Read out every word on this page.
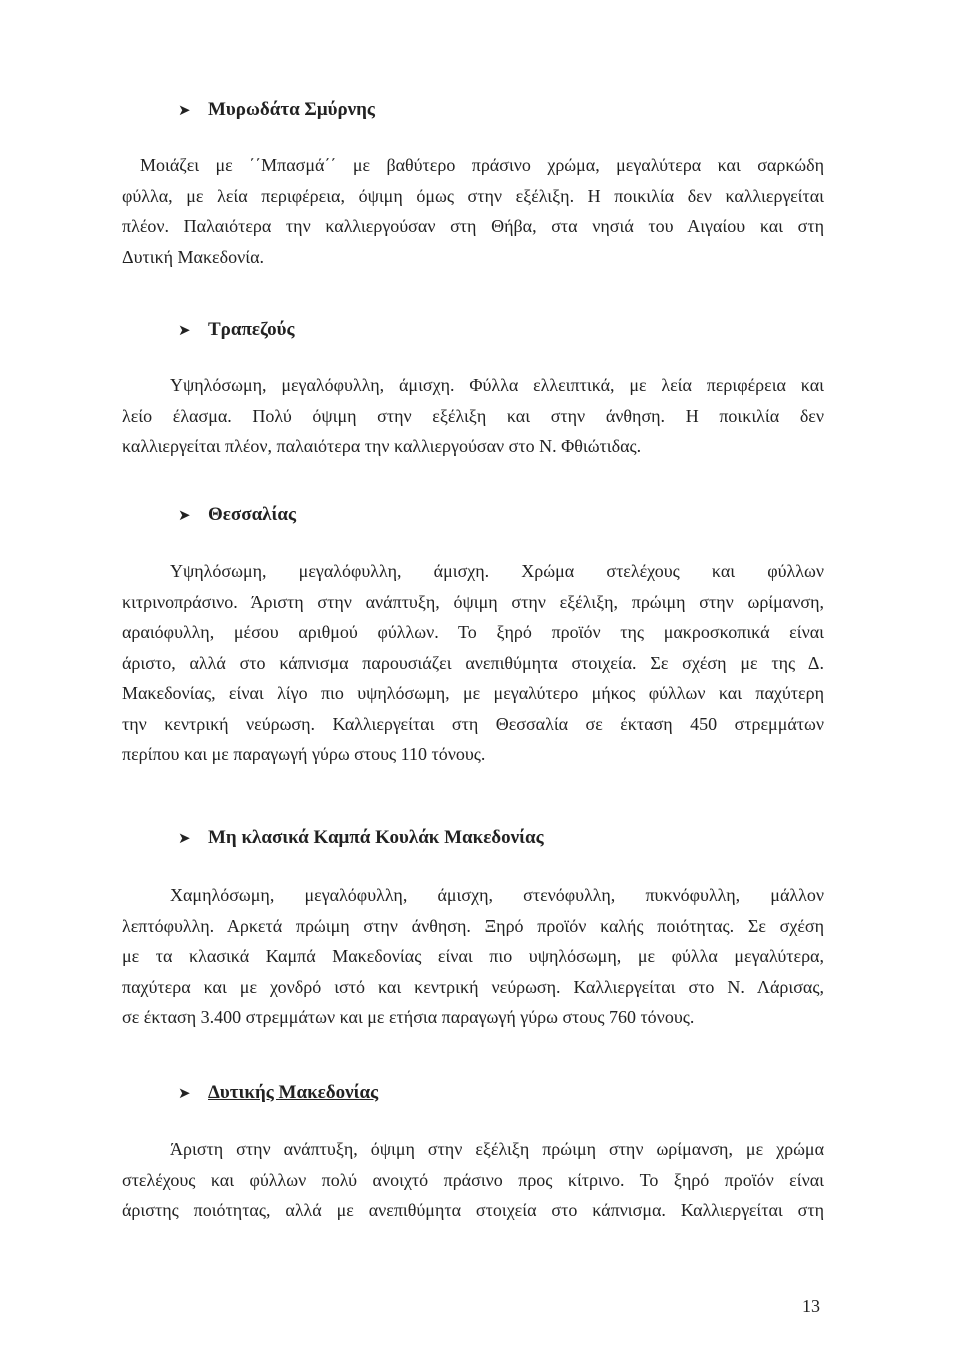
➤ Μυρωδάτα Σμύρνης
Μοιάζει με ΄΄Μπασμά΄΄ με βαθύτερο πράσινο χρώμα, μεγαλύτερα και σαρκώδη
φύλλα, με λεία περιφέρεια, όψιμη όμως στην εξέλιξη. Η ποικιλία δεν καλλιεργείται
πλέον. Παλαιότερα την καλλιεργούσαν στη Θήβα, στα νησιά του Αιγαίου και στη
Δυτική Μακεδονία.
➤ Τραπεζούς
Υψηλόσωμη, μεγαλόφυλλη, άμισχη. Φύλλα ελλειπτικά, με λεία περιφέρεια και
λείο έλασμα. Πολύ όψιμη στην εξέλιξη και στην άνθηση. Η ποικιλία δεν
καλλιεργείται πλέον, παλαιότερα την καλλιεργούσαν στο Ν. Φθιώτιδας.
➤ Θεσσαλίας
Υψηλόσωμη, μεγαλόφυλλη, άμισχη. Χρώμα στελέχους και φύλλων
κιτρινοπράσινο. Άριστη στην ανάπτυξη, όψιμη στην εξέλιξη, πρώιμη στην ωρίμανση,
αραιόφυλλη, μέσου αριθμού φύλλων. Το ξηρό προϊόν της μακροσκοπικά είναι
άριστο, αλλά στο κάπνισμα παρουσιάζει ανεπιθύμητα στοιχεία. Σε σχέση με της Δ.
Μακεδονίας, είναι λίγο πιο υψηλόσωμη, με μεγαλύτερο μήκος φύλλων και παχύτερη
την κεντρική νεύρωση. Καλλιεργείται στη Θεσσαλία σε έκταση 450 στρεμμάτων
περίπου και με παραγωγή γύρω στους 110 τόνους.
➤ Μη κλασικά Καμπά Κουλάκ Μακεδονίας
Χαμηλόσωμη, μεγαλόφυλλη, άμισχη, στενόφυλλη, πυκνόφυλλη, μάλλον
λεπτόφυλλη. Αρκετά πρώιμη στην άνθηση. Ξηρό προϊόν καλής ποιότητας. Σε σχέση
με τα κλασικά Καμπά Μακεδονίας είναι πιο υψηλόσωμη, με φύλλα μεγαλύτερα,
παχύτερα και με χονδρό ιστό και κεντρική νεύρωση. Καλλιεργείται στο Ν. Λάρισας,
σε έκταση 3.400 στρεμμάτων και με ετήσια παραγωγή γύρω στους 760 τόνους.
➤ Δυτικής Μακεδονίας
Άριστη στην ανάπτυξη, όψιμη στην εξέλιξη πρώιμη στην ωρίμανση, με χρώμα
στελέχους και φύλλων πολύ ανοιχτό πράσινο προς κίτρινο. Το ξηρό προϊόν είναι
άριστης ποιότητας, αλλά με ανεπιθύμητα στοιχεία στο κάπνισμα. Καλλιεργείται στη
13
